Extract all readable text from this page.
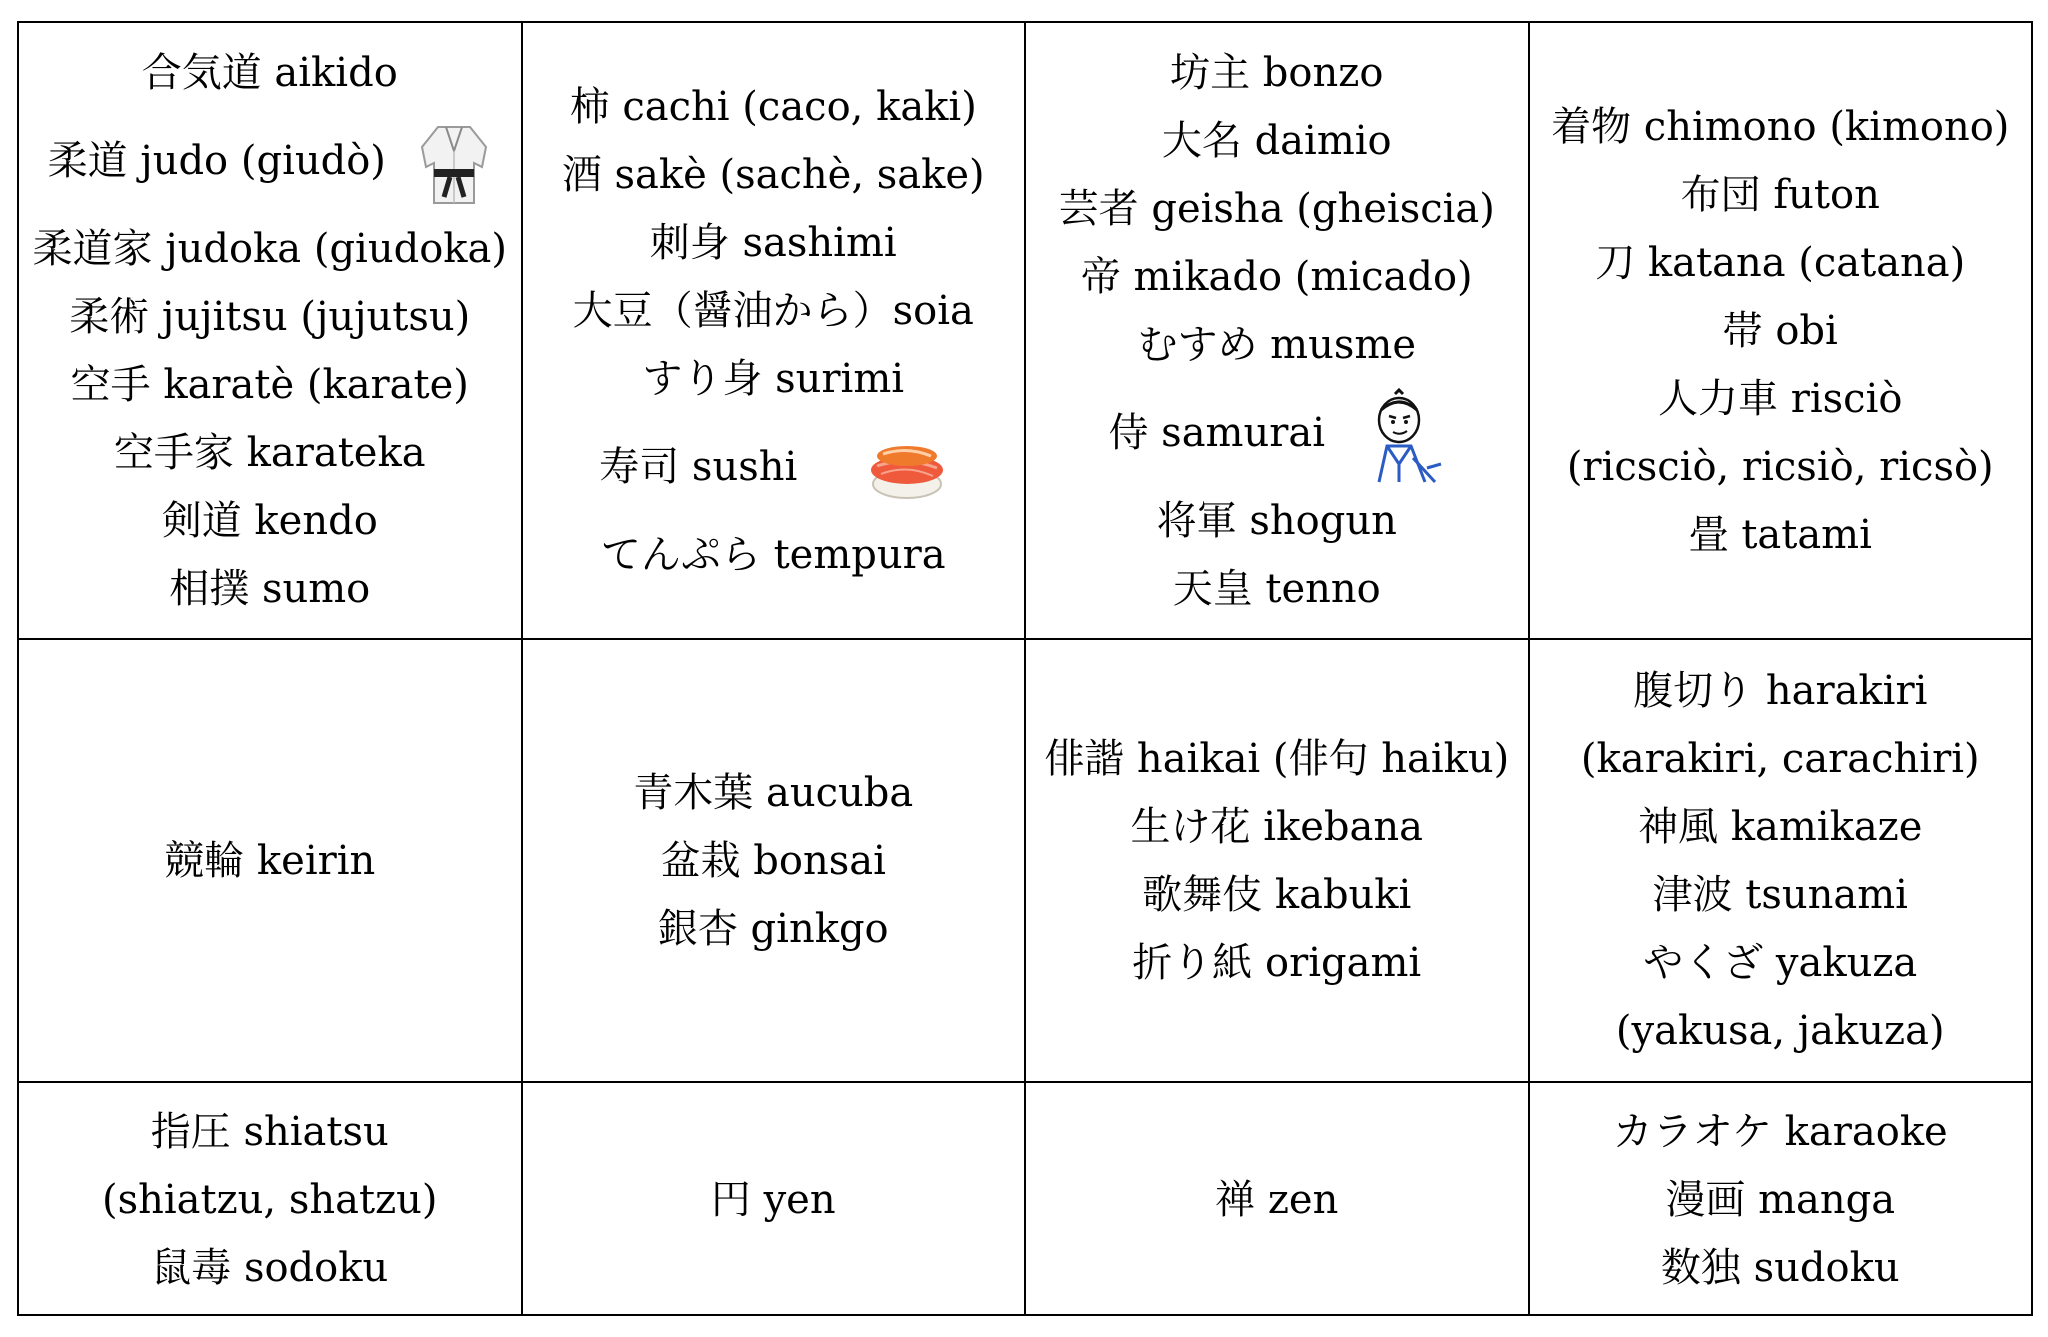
合気道 aikido
柔道 judo (giudò)
柔道家 judoka (giudoka)
柔術 jujitsu (jujutsu)
空手 karatè (karate)
空手家 karateka
剣道 kendo
相撲 sumo
柿 cachi (caco, kaki)
酒 sakè (sachè, sake)
刺身 sashimi
大豆（醤油から）soia
すり身 surimi
寿司 sushi
てんぷら tempura
坊主 bonzo
大名 daimio
芸者 geisha (gheiscia)
帝 mikado (micado)
むすめ musme
侍 samurai
将軍 shogun
天皇 tenno
着物 chimono (kimono)
布団 futon
刀 katana (catana)
帯 obi
人力車 risciò
(ricsciò, ricsiò, ricsò)
畳 tatami
競輪 keirin
青木葉 aucuba
盆栽 bonsai
銀杏 ginkgo
俳諧 haikai (俳句 haiku)
生け花 ikebana
歌舞伎 kabuki
折り紙 origami
腹切り harakiri
(karakiri, carachiri)
神風 kamikaze
津波 tsunami
やくざ yakuza
(yakusa, jakuza)
指圧 shiatsu
(shiatzu, shatzu)
鼠毒 sodoku
円 yen	禅 zen
カラオケ karaoke
漫画 manga
数独 sudoku
